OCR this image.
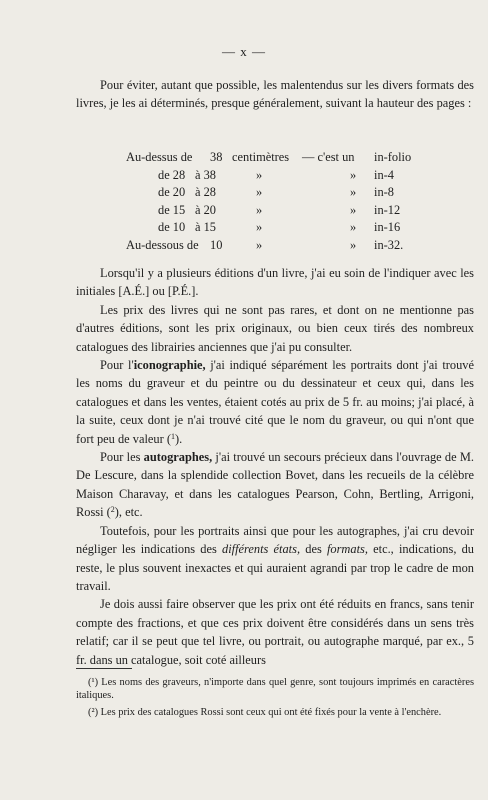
— x —

Pour éviter, autant que possible, les malentendus sur les divers formats des livres, je les ai déterminés, presque généralement, suivant la hauteur des pages :

Au-dessus de 38 centimètres — c'est un in-folio
de 28 à 38	»	» in-4
de 20 à 28	»	» in-8
de 15 à 20	»	» in-12
de 10 à 15	»	» in-16
Au-dessous de 10	»	» in-32.

Lorsqu'il y a plusieurs éditions d'un livre, j'ai eu soin de l'indiquer avec les initiales [A.É.] ou [P.É.].

Les prix des livres qui ne sont pas rares, et dont on ne mentionne pas d'autres éditions, sont les prix originaux, ou bien ceux tirés des nombreux catalogues des librairies anciennes que j'ai pu consulter.

Pour l'iconographie, j'ai indiqué séparément les portraits dont j'ai trouvé les noms du graveur et du peintre ou du dessinateur et ceux qui, dans les catalogues et dans les ventes, étaient cotés au prix de 5 fr. au moins; j'ai placé, à la suite, ceux dont je n'ai trouvé cité que le nom du graveur, ou qui n'ont que fort peu de valeur ($^1$).

Pour les autographes, j'ai trouvé un secours précieux dans l'ouvrage de M. De Lescure, dans la splendide collection Bovet, dans les recueils de la célèbre Maison Charavay, et dans les catalogues Pearson, Cohn, Bertling, Arrigoni, Rossi ($^2$), etc.

Toutefois, pour les portraits ainsi que pour les autographes, j'ai cru devoir négliger les indications des différents états, des formats, etc., indications, du reste, le plus souvent inexactes et qui auraient agrandi par trop le cadre de mon travail.

Je dois aussi faire observer que les prix ont été réduits en francs, sans tenir compte des fractions, et que ces prix doivent être considérés dans un sens très relatif; car il se peut que tel livre, ou portrait, ou autographe marqué, par ex., 5 fr. dans un catalogue, soit coté ailleurs

(¹) Les noms des graveurs, n'importe dans quel genre, sont toujours imprimés en caractères italiques.

(²) Les prix des catalogues Rossi sont ceux qui ont été fixés pour la vente à l'enchère.
